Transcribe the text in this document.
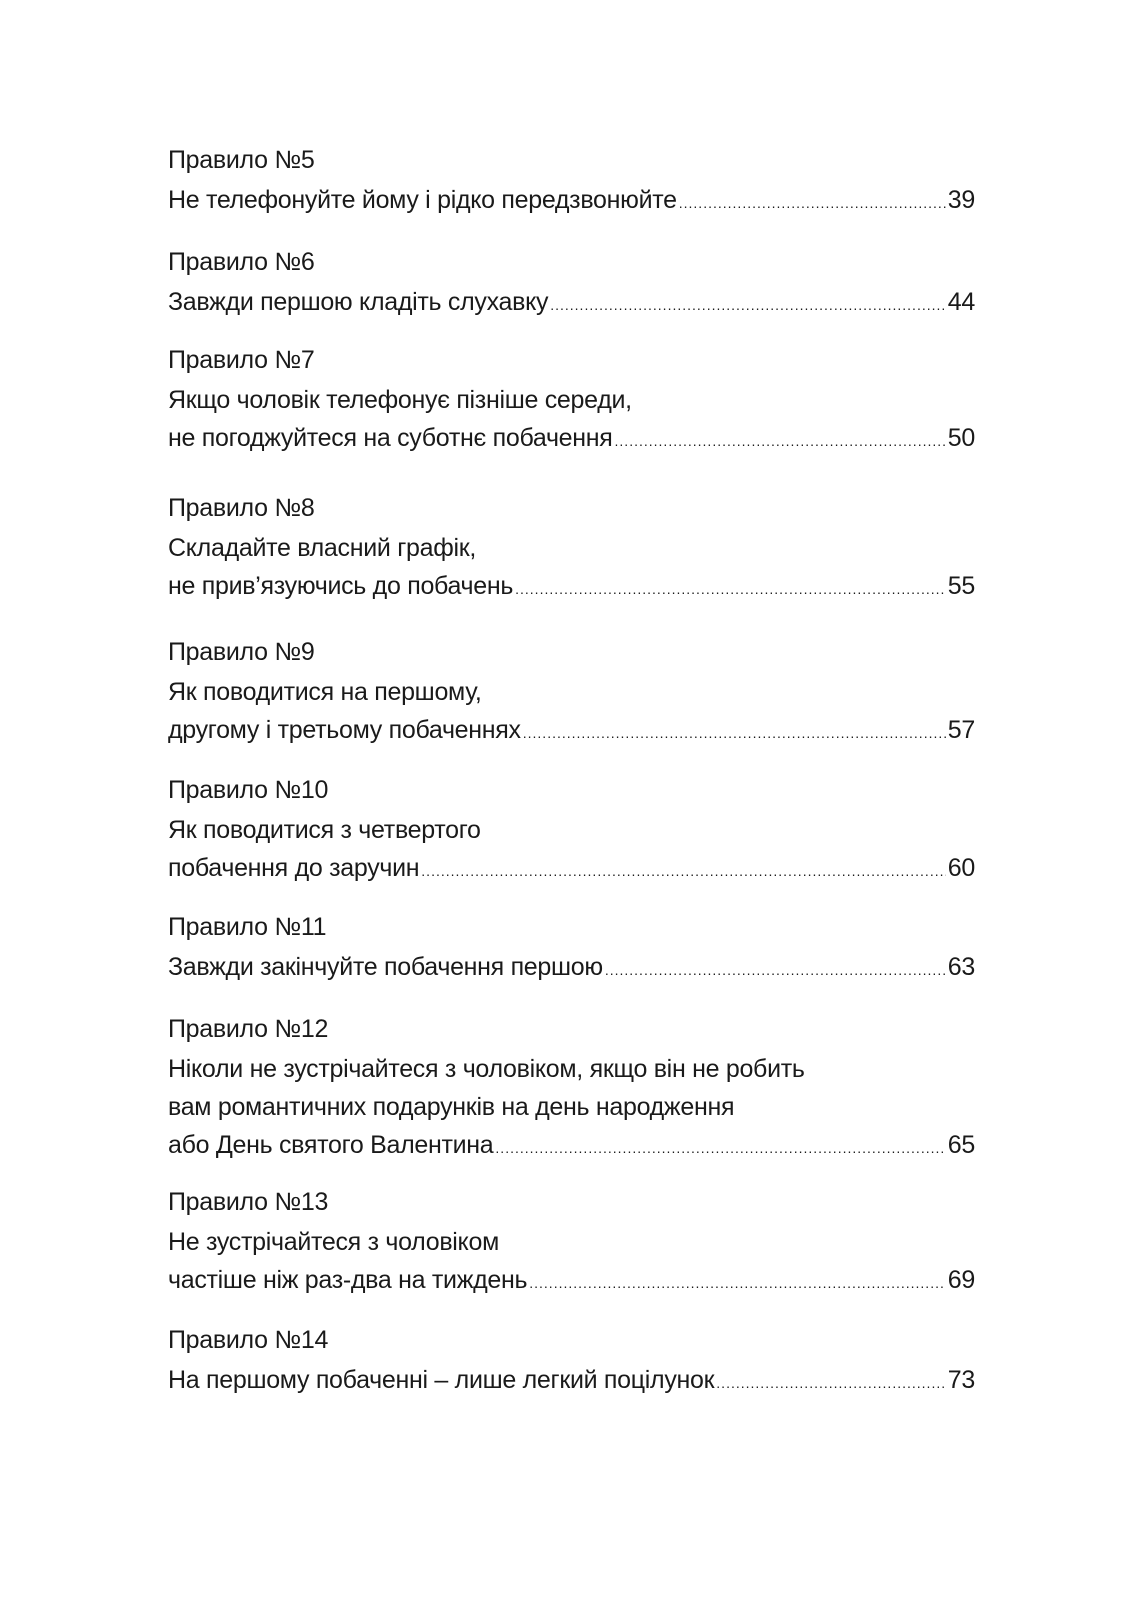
Правило №5
Не телефонуйте йому і рідко передзвонюйте .....	39
Правило №6
Завжди першою кладіть слухавку .....	44
Правило №7
Якщо чоловік телефонує пізніше середи,
не погоджуйтеся на суботнє побачення .....	50
Правило №8
Складайте власний графік,
не прив’язуючись до побачень .....	55
Правило №9
Як поводитися на першому,
другому і третьому побаченнях .....	57
Правило №10
Як поводитися з четвертого
побачення до заручин .....	60
Правило №11
Завжди закінчуйте побачення першою .....	63
Правило №12
Ніколи не зустрічайтеся з чоловіком, якщо він не робить
вам романтичних подарунків на день народження
або День святого Валентина .....	65
Правило №13
Не зустрічайтеся з чоловіком
частіше ніж раз-два на тиждень .....	69
Правило №14
На першому побаченні – лише легкий поцілунок .....	73
